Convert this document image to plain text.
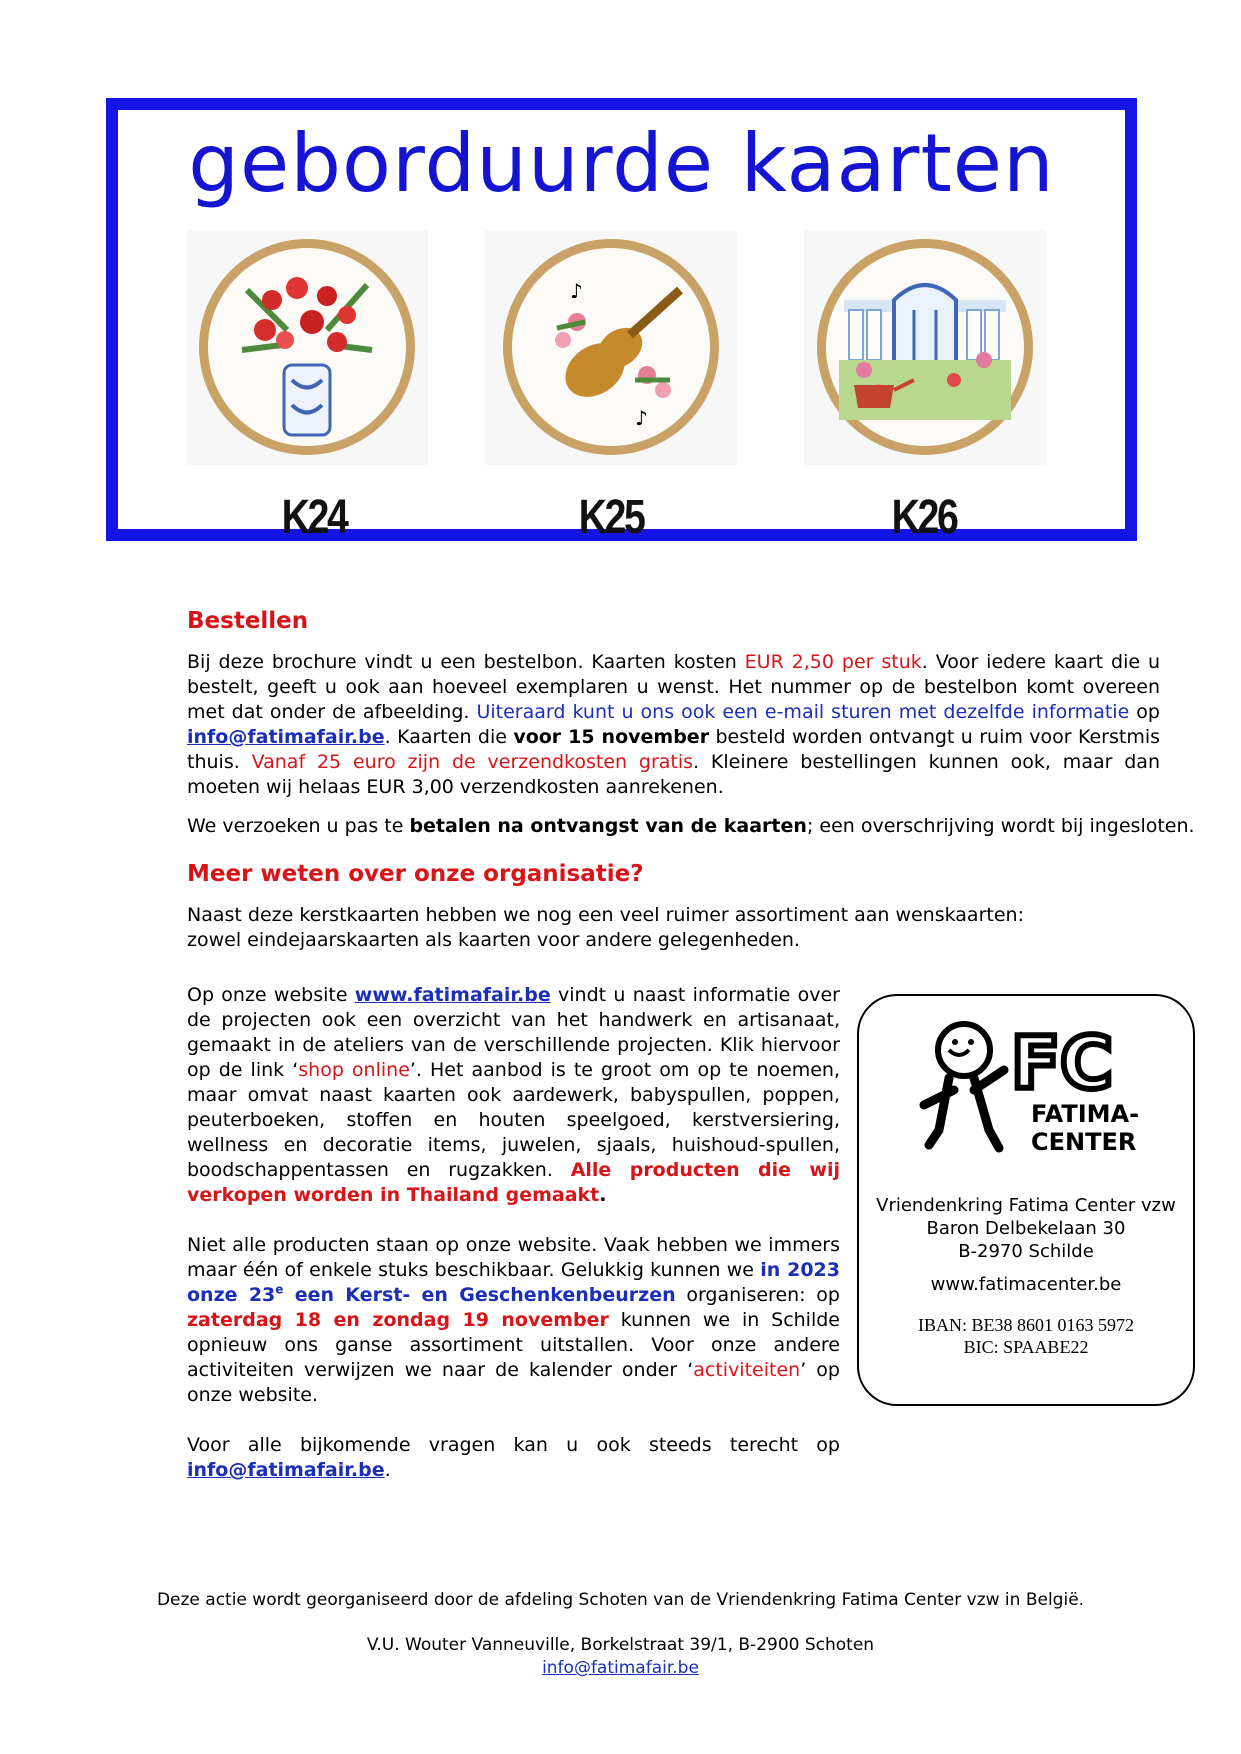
geborduurde kaarten
K24
♪
♪
K25	K26
Bestellen

Bij deze brochure vindt u een bestelbon. Kaarten kosten EUR 2,50 per stuk. Voor iedere kaart die u bestelt, geeft u ook aan hoeveel exemplaren u wenst. Het nummer op de bestelbon komt overeen met dat onder de afbeelding. Uiteraard kunt u ons ook een e-mail sturen met dezelfde informatie op info@fatimafair.be. Kaarten die voor 15 november besteld worden ontvangt u ruim voor Kerstmis thuis. Vanaf 25 euro zijn de verzendkosten gratis. Kleinere bestellingen kunnen ook, maar dan moeten wij helaas EUR 3,00 verzendkosten aanrekenen.

We verzoeken u pas te betalen na ontvangst van de kaarten; een overschrijving wordt bij ingesloten.

Meer weten over onze organisatie?

Naast deze kerstkaarten hebben we nog een veel ruimer assortiment aan wenskaarten: zowel eindejaarskaarten als kaarten voor andere gelegenheden.

Op onze website www.fatimafair.be vindt u naast informatie over de projecten ook een overzicht van het handwerk en artisanaat, gemaakt in de ateliers van de verschillende projecten. Klik hiervoor op de link ‘shop online’. Het aanbod is te groot om op te noemen, maar omvat naast kaarten ook aardewerk, babyspullen, poppen, peuterboeken, stoffen en houten speelgoed, kerstversiering, wellness en decoratie items, juwelen, sjaals, huishoud-spullen, boodschappentassen en rugzakken. Alle producten die wij verkopen worden in Thailand gemaakt.

Niet alle producten staan op onze website. Vaak hebben we immers maar één of enkele stuks beschikbaar. Gelukkig kunnen we in 2023 onze 23e een Kerst- en Geschenkenbeurzen organiseren: op zaterdag 18 en zondag 19 november kunnen we in Schilde opnieuw ons ganse assortiment uitstallen. Voor onze andere activiteiten verwijzen we naar de kalender onder ‘activiteiten’ op onze website.

Voor alle bijkomende vragen kan u ook steeds terecht op info@fatimafair.be.

FC
FATIMA-
CENTER
Vriendenkring Fatima Center vzw
Baron Delbekelaan 30
B-2970 Schilde
www.fatimacenter.be
IBAN: BE38 8601 0163 5972
BIC: SPAABE22
Deze actie wordt georganiseerd door de afdeling Schoten van de Vriendenkring Fatima Center vzw in België.
V.U. Wouter Vanneuville, Borkelstraat 39/1, B-2900 Schoten
info@fatimafair.be
